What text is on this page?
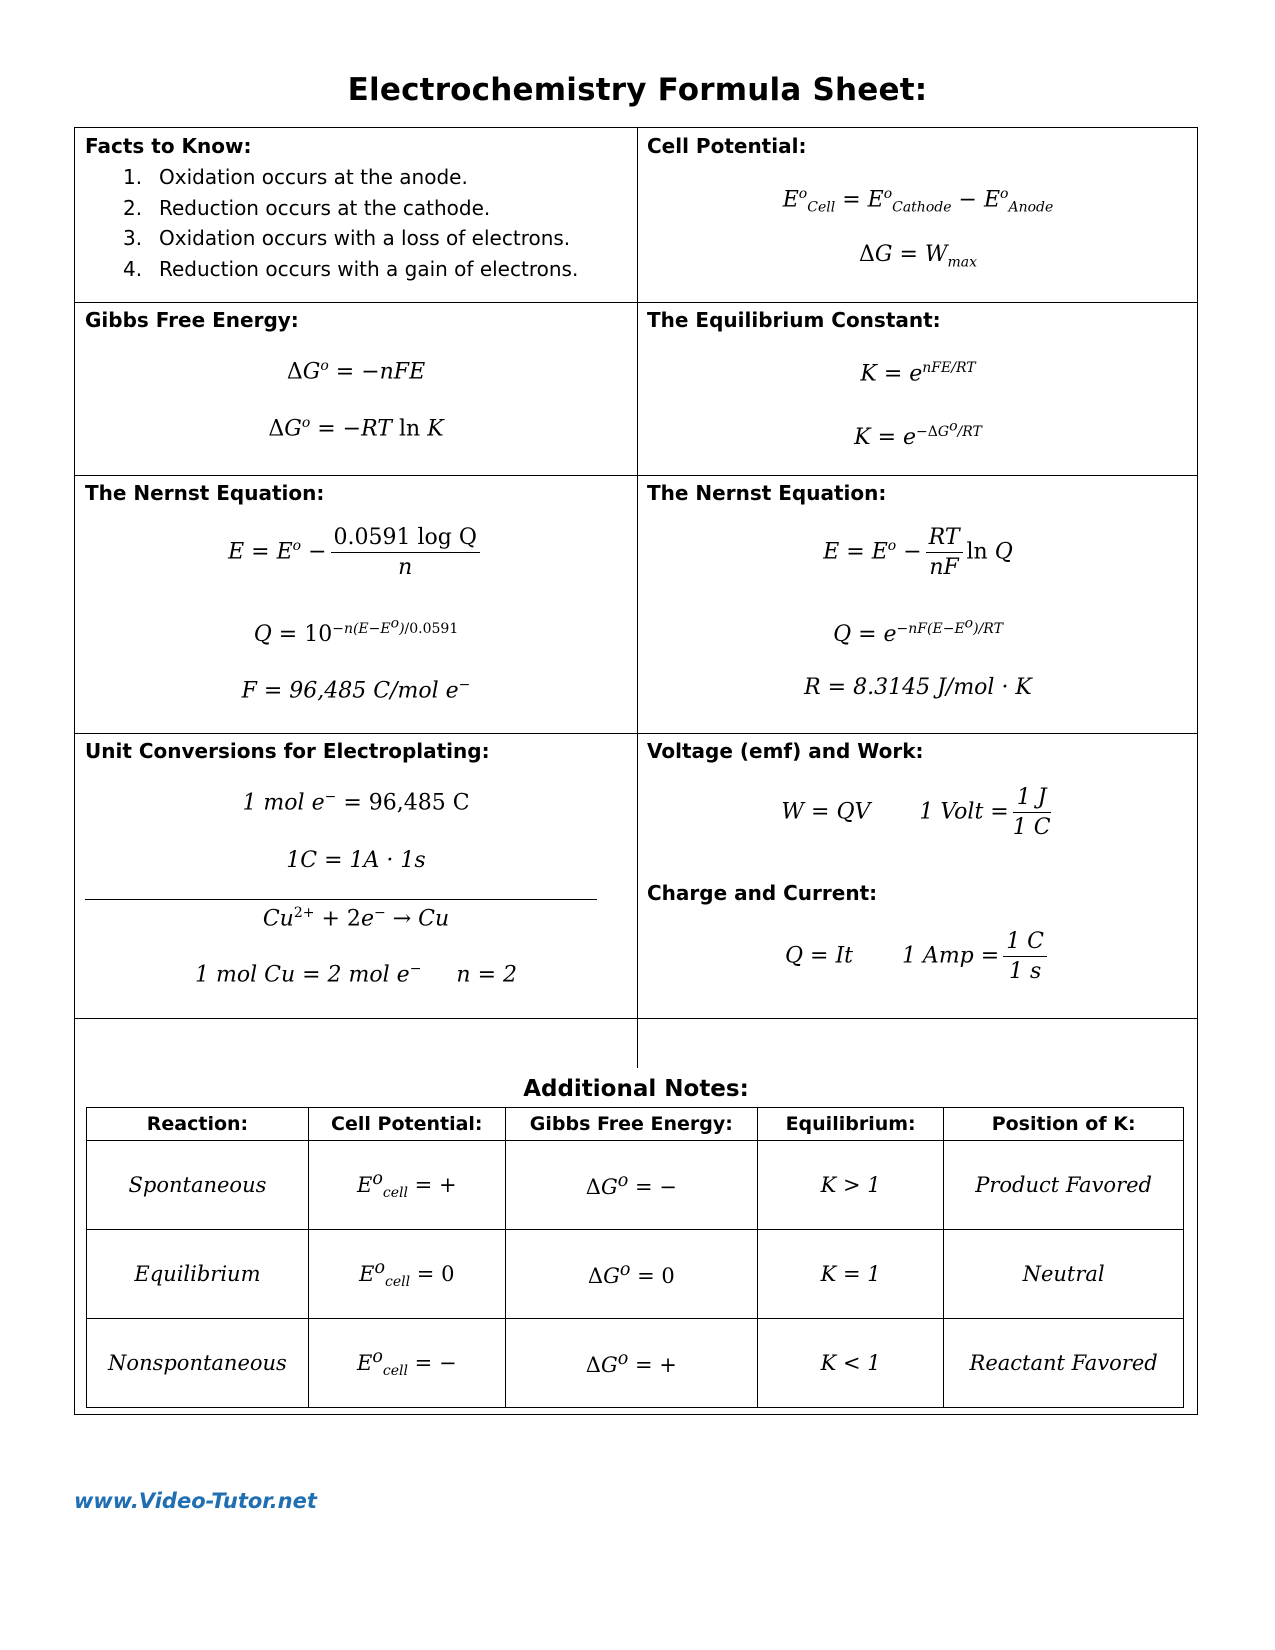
Electrochemistry Formula Sheet:
Facts to Know:
1. Oxidation occurs at the anode.
2. Reduction occurs at the cathode.
3. Oxidation occurs with a loss of electrons.
4. Reduction occurs with a gain of electrons.
Cell Potential:
$E^o_{Cell} = E^o_{Cathode} - E^o_{Anode}$
$\Delta G = W_{max}$
Gibbs Free Energy:
$\Delta G^o = -nFE$
$\Delta G^o = -RT$ ln K
The Equilibrium Constant:
$K = e^{nFE/RT}$
$K = e^{-\Delta G^o/RT}$
The Nernst Equation:
$E = E^o - \frac{\text{0.0591 log Q}}{n}$
$Q = 10^{-n(E-E^o)/0.0591}$
F = 96,485 C/mol e−
The Nernst Equation:
$E = E^o - \frac{RT}{nF}$ ln Q
$Q = e^{-nF(E-E^o)/RT}$
R = 8.3145 J/mol · K
Unit Conversions for Electroplating:
1 mol e− = 96,485 C
1C = 1A · 1s
$Cu^{2+} + 2e^- \to Cu$
1 mol Cu = 2 mol e− n = 2
Voltage (emf) and Work:
W = QV 1 Volt = $\frac{1 J}{1 C}$
Charge and Current:
Q = It 1 Amp = $\frac{1 C}{1 s}$
Additional Notes:
Reaction:	Cell Potential:	Gibbs Free Energy:	Equilibrium:	Position of K:
Spontaneous	$E^o_{cell}$ = +	$\Delta G^o$ = −	K > 1	Product Favored
Equilibrium	$E^o_{cell} = 0$	$\Delta G^o = 0$	K = 1	Neutral
Nonspontaneous	$E^o_{cell}$ = −	$\Delta G^o$ = +	K < 1	Reactant Favored
www.Video-Tutor.net
